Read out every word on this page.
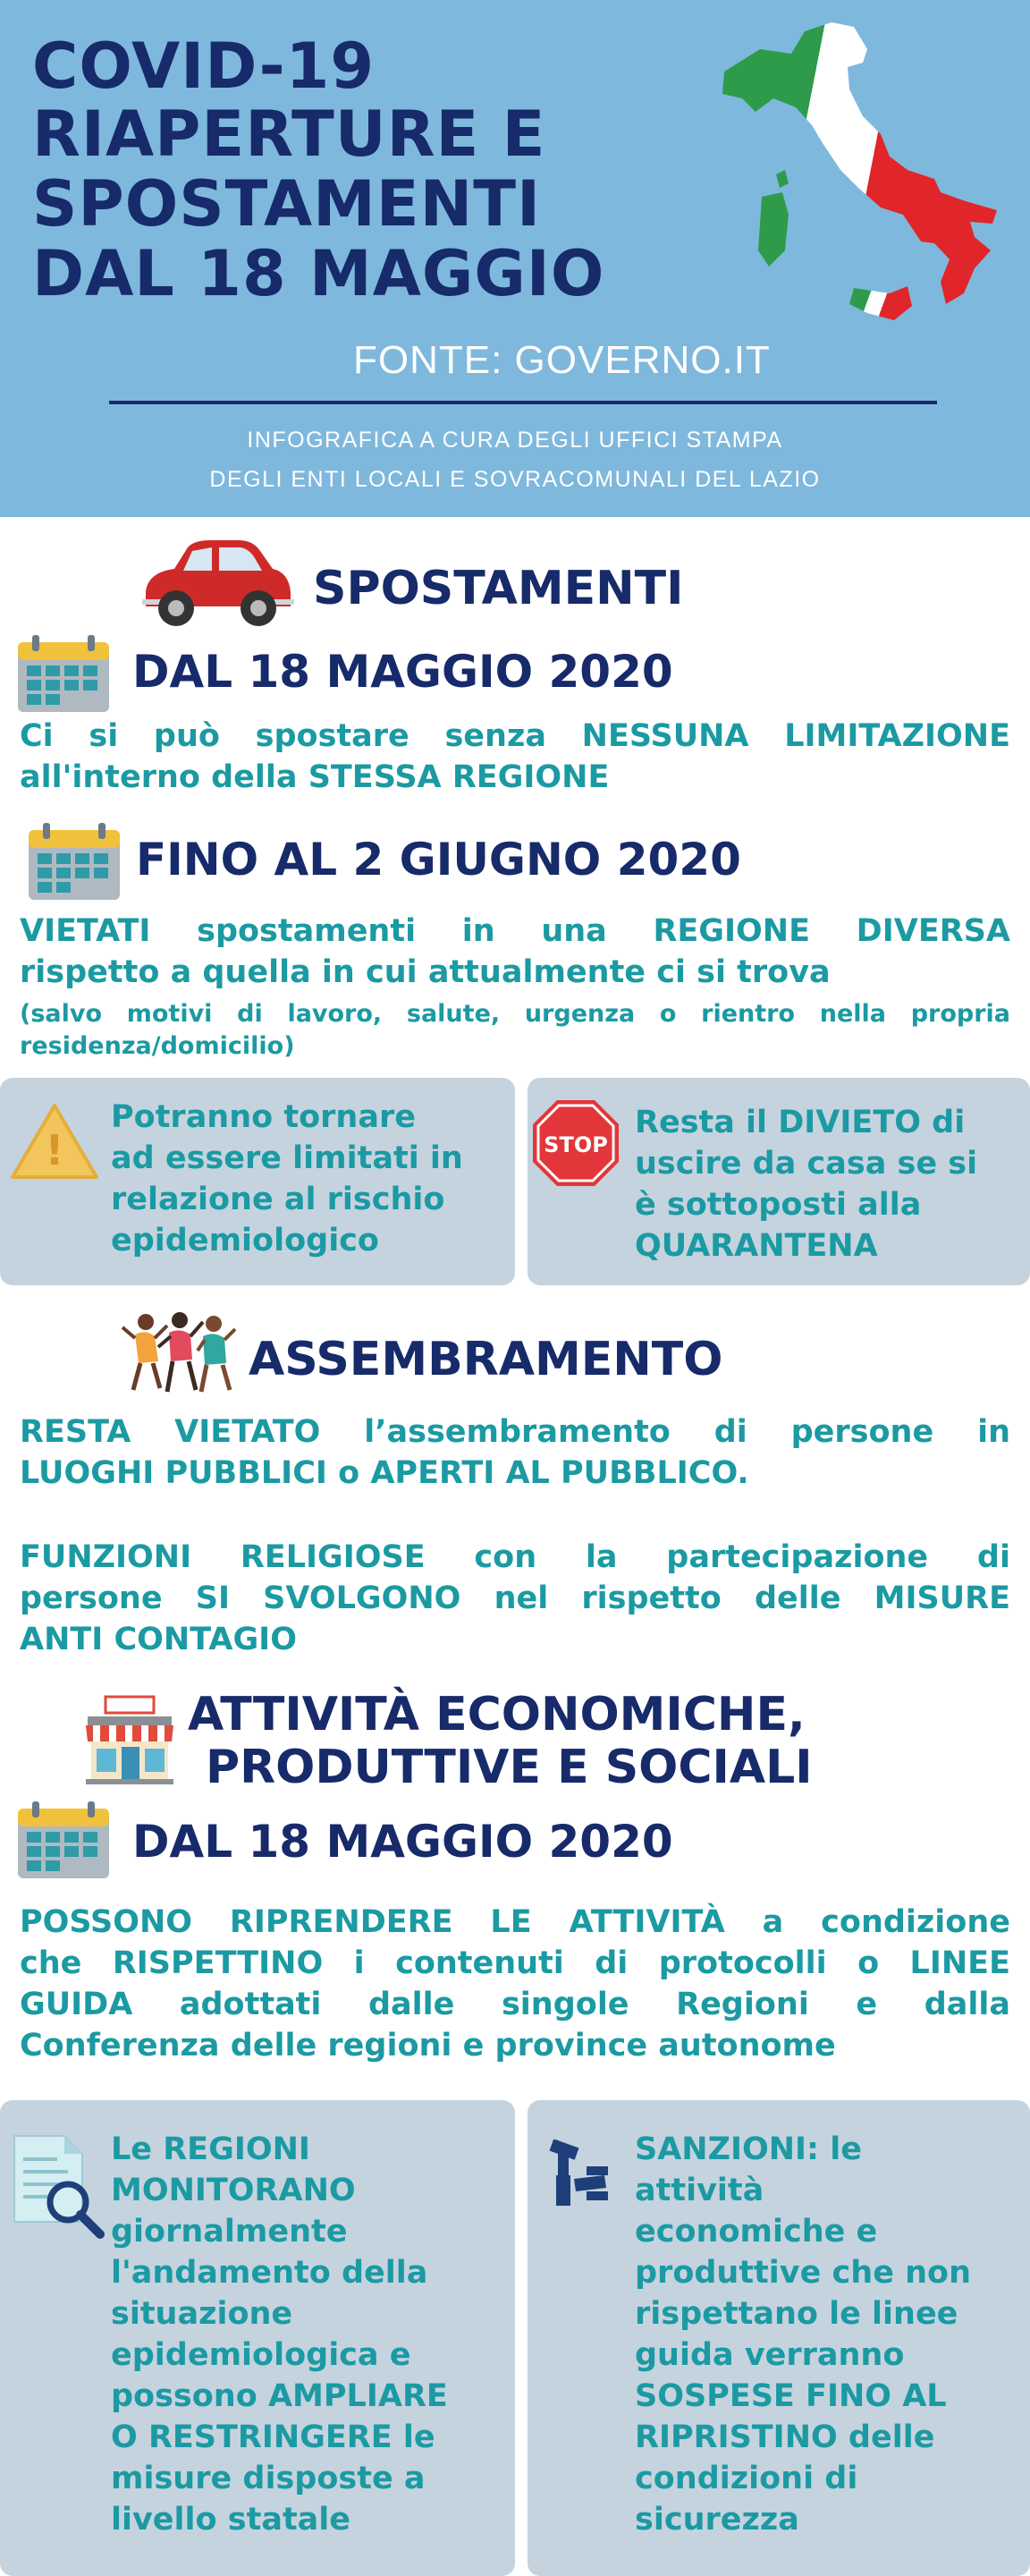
COVID-19
RIAPERTURE E
SPOSTAMENTI
DAL 18 MAGGIO
FONTE: GOVERNO.IT
INFOGRAFICA A CURA DEGLI UFFICI STAMPA
DEGLI ENTI LOCALI E SOVRACOMUNALI DEL LAZIO
SPOSTAMENTI
DAL 18 MAGGIO 2020
Ci si può spostare senza NESSUNA LIMITAZIONE
all'interno della STESSA REGIONE
FINO AL 2 GIUGNO 2020
VIETATI spostamenti in una REGIONE DIVERSA
rispetto a quella in cui attualmente ci si trova
(salvo motivi di lavoro, salute, urgenza o rientro nella propria
residenza/domicilio)
!
Potranno tornare
ad essere limitati in
relazione al rischio
epidemiologico
STOP
Resta il DIVIETO di
uscire da casa se si
è sottoposti alla
QUARANTENA
ASSEMBRAMENTO
RESTA VIETATO l’assembramento di persone in
LUOGHI PUBBLICI o APERTI AL PUBBLICO.
FUNZIONI RELIGIOSE con la partecipazione di
persone SI SVOLGONO nel rispetto delle MISURE
ANTI CONTAGIO
ATTIVITÀ ECONOMICHE,
PRODUTTIVE E SOCIALI
DAL 18 MAGGIO 2020
POSSONO RIPRENDERE LE ATTIVITÀ a condizione
che RISPETTINO i contenuti di protocolli o LINEE
GUIDA adottati dalle singole Regioni e dalla
Conferenza delle regioni e province autonome
Le REGIONI
MONITORANO
giornalmente
l'andamento della
situazione
epidemiologica e
possono AMPLIARE
O RESTRINGERE le
misure disposte a
livello statale
SANZIONI: le
attività
economiche e
produttive che non
rispettano le linee
guida verranno
SOSPESE FINO AL
RIPRISTINO delle
condizioni di
sicurezza
